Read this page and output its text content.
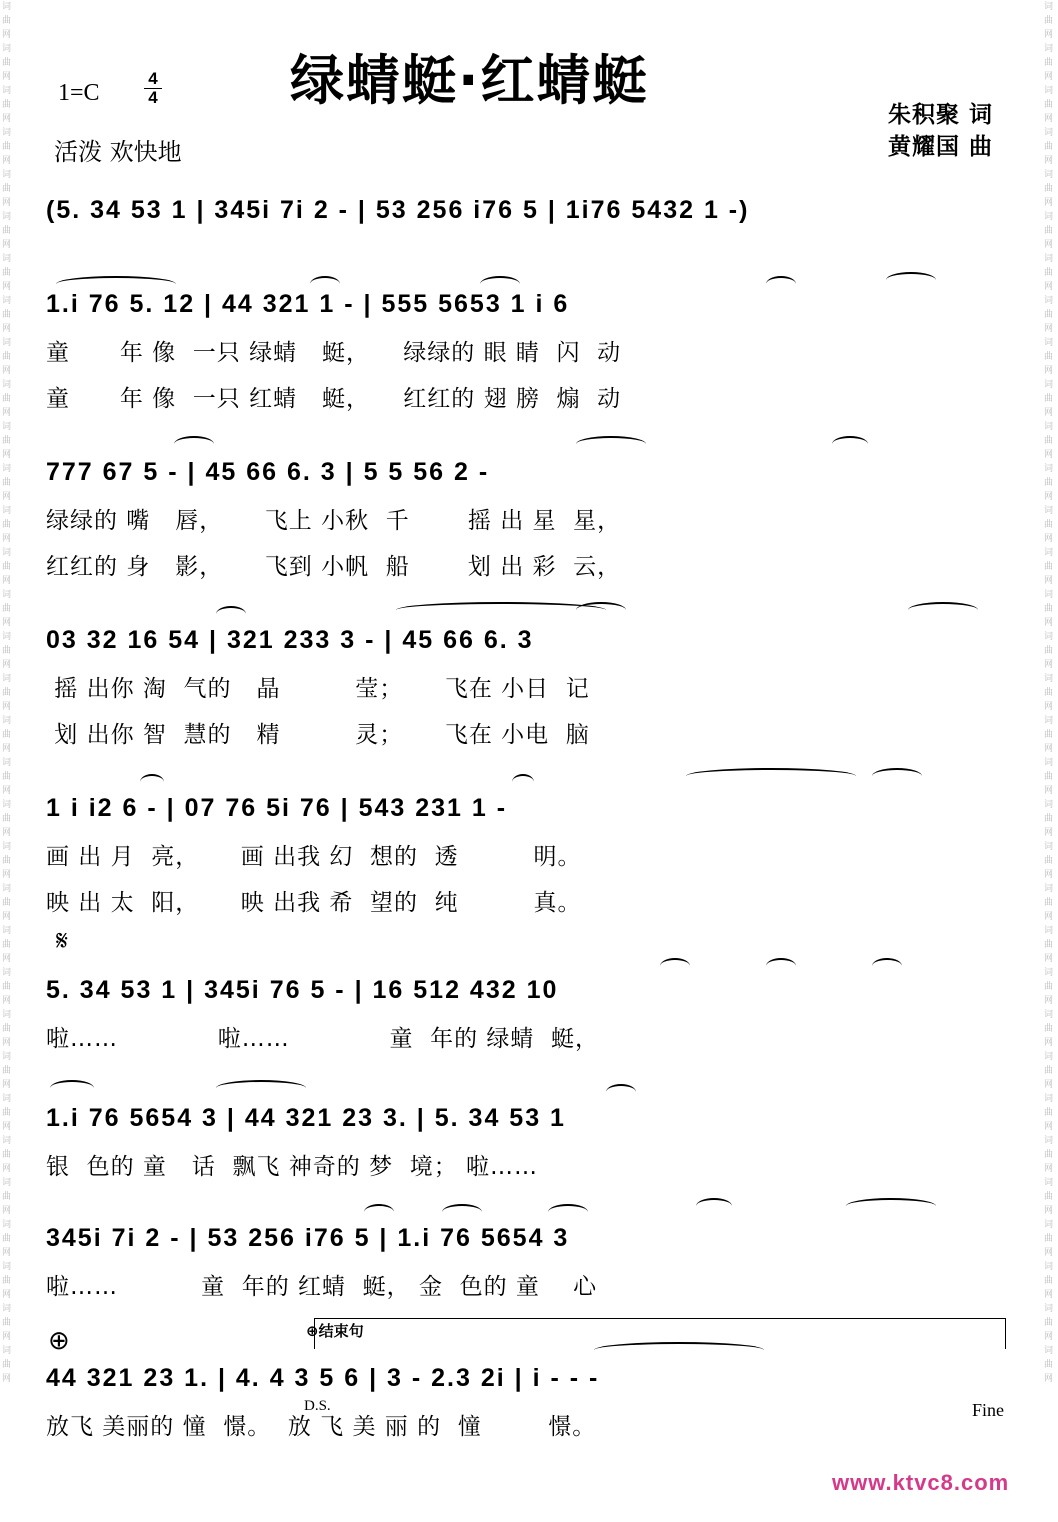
词曲网词曲网词曲网词曲网词曲网词曲网词曲网词曲网词曲网词曲网词曲网词曲网词曲网词曲网词曲网词曲网词曲网词曲网词曲网词曲网词曲网词曲网词曲网词曲网词曲网词曲网词曲网词曲网词曲网词曲网词曲网词曲网词曲网
词曲网词曲网词曲网词曲网词曲网词曲网词曲网词曲网词曲网词曲网词曲网词曲网词曲网词曲网词曲网词曲网词曲网词曲网词曲网词曲网词曲网词曲网词曲网词曲网词曲网词曲网词曲网词曲网词曲网词曲网词曲网词曲网词曲网
绿蜻蜓·红蜻蜓
1=C
4
4
活泼 欢快地
朱积聚 词
黄耀国 曲

(5. 34 53 1 | 345i 7i 2 - | 53 256 i76 5 | 1i76 5432 1 -)

1.i 76 5. 12 | 44 321 1 - | 555 5653 1 i 6

童      年 像  一只 绿蜻   蜓，    绿绿的 眼 睛  闪  动
童      年 像  一只 红蜻   蜓，    红红的 翅 膀  煽  动

777 67 5 - | 45 66 6. 3 | 5 5 56 2 -

绿绿的 嘴   唇，     飞上 小秋  千       摇 出 星  星，
红红的 身   影，     飞到 小帆  船       划 出 彩  云，

03 32 16 54 | 321 233 3 - | 45 66 6. 3

摇 出你 淘  气的   晶         莹；     飞在 小日  记
划 出你 智  慧的   精         灵；     飞在 小电  脑

1 i i2 6 - | 07 76 5i 76 | 543 231 1 -

画 出 月  亮，     画 出我 幻  想的  透         明。
映 出 太  阳，     映 出我 希  望的  纯         真。
𝄋

5. 34 53 1 | 345i 76 5 - | 16 512 432 10

啦……            啦……            童  年的 绿蜻  蜓，

1.i 76 5654 3 | 44 321 23 3. | 5. 34 53 1

银  色的 童   话  飘飞 神奇的 梦  境； 啦……

345i 7i 2 - | 53 256 i76 5 | 1.i 76 5654 3

啦……          童  年的 红蜻  蜓， 金  色的 童    心
⊕	⊕结束句

44 321 23 1. | 4. 4 3 5 6 | 3 - 2.3 2i | i - - -

放飞 美丽的 憧  憬。  放 飞 美 丽 的  憧        憬。
D.S.	Fine
www.ktvc8.com
